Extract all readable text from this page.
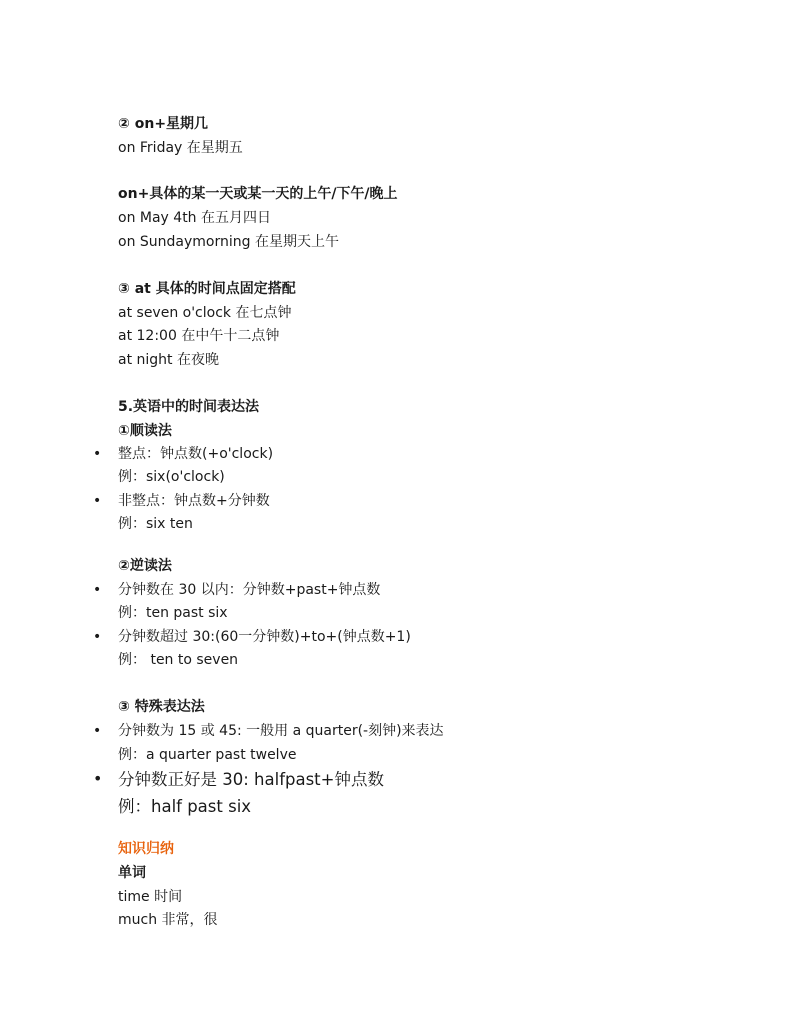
② on+星期几
on Friday 在星期五
on+具体的某一天或某一天的上午/下午/晚上
on May 4th 在五月四日
on Sundaymorning 在星期天上午
③ at 具体的时间点固定搭配
at seven o'clock 在七点钟
at 12:00 在中午十二点钟
at night 在夜晚
5.英语中的时间表达法
①顺读法
• 整点：钟点数(+o'clock)
例：six(o'clock)
• 非整点：钟点数+分钟数
例：six ten
②逆读法
• 分钟数在 30 以内：分钟数+past+钟点数
例：ten past six
• 分钟数超过 30:(60一分钟数)+to+(钟点数+1)
例： ten to seven
③ 特殊表达法
• 分钟数为 15 或 45: 一般用 a quarter(-刻钟)来表达
例：a quarter past twelve
• 分钟数正好是 30: halfpast+钟点数
例：half past six
知识归纳
单词
time 时间
much 非常，很
